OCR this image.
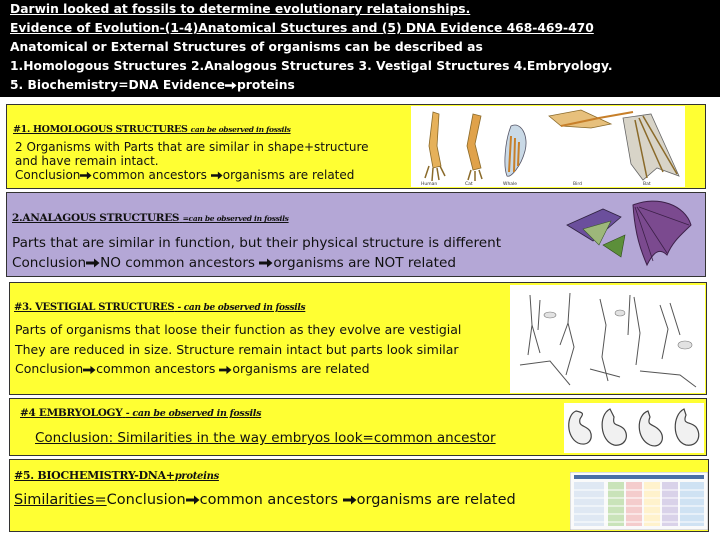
Darwin looked at fossils to determine evolutionary relataionships.
Evidence of Evolution-(1-4)Anatomical Stuctures and (5) DNA Evidence 468-469-470
Anatomical or External Structures of organisms can be described as
1.Homologous Structures 2.Analogous Structures 3. Vestigal Structures 4.Embryology.
5. Biochemistry=DNA Evidence proteins
#1. HOMOLOGOUS STRUCTURES can be observed in fossils
2 Organisms with Parts that are similar in shape+structure
and have remain intact.
Conclusion common ancestors organisms are related
Human	Cat	Whale	Bird	Bat
2.ANALAGOUS STRUCTURES =can be observed in fossils
Parts that are similar in function, but their physical structure is different
Conclusion NO common ancestors organisms are NOT related
#3. VESTIGIAL STRUCTURES - can be observed in fossils
Parts of organisms that loose their function as they evolve are vestigial
They are reduced in size. Structure remain intact but parts look similar
Conclusion common ancestors organisms are related
#4 EMBRYOLOGY - can be observed in fossils
Conclusion: Similarities in the way embryos look=common ancestor
#5. BIOCHEMISTRY-DNA+proteins
Similarities=Conclusion common ancestors organisms are related
